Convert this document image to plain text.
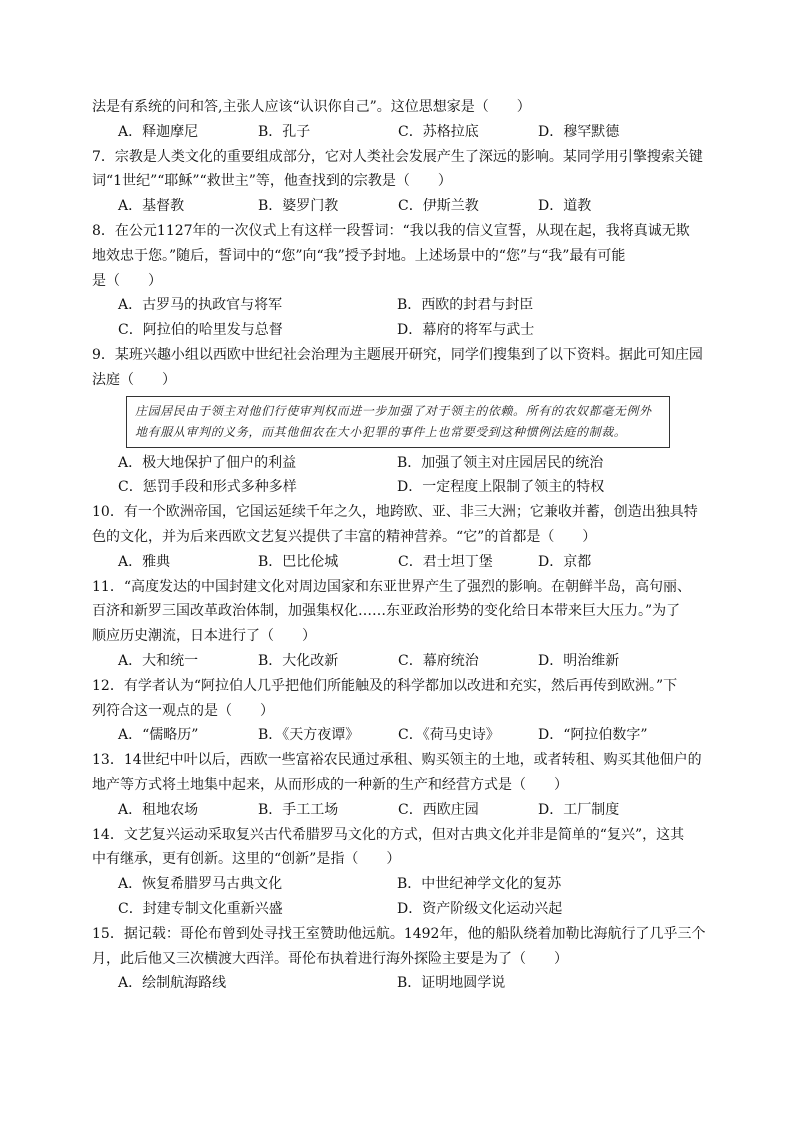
法是有系统的问和答,主张人应该“认识你自己”。这位思想家是（　　）
A．释迦摩尼	B．孔子	C．苏格拉底	D．穆罕默德
7．宗教是人类文化的重要组成部分，它对人类社会发展产生了深远的影响。某同学用引擎搜索关键
词“1世纪”“耶稣”“救世主”等，他查找到的宗教是（　　）
A．基督教	B．婆罗门教	C．伊斯兰教	D．道教
8．在公元1127年的一次仪式上有这样一段誓词：“我以我的信义宣誓，从现在起，我将真诚无欺
地效忠于您。”随后，誓词中的“您”向“我”授予封地。上述场景中的“您”与“我”最有可能
是（　　）
A．古罗马的执政官与将军	B．西欧的封君与封臣
C．阿拉伯的哈里发与总督	D．幕府的将军与武士
9．某班兴趣小组以西欧中世纪社会治理为主题展开研究，同学们搜集到了以下资料。据此可知庄园
法庭（　　）

庄园居民由于领主对他们行使审判权而进一步加强了对于领主的依赖。所有的农奴都毫无例外地有服从审判的义务，而其他佃农在大小犯罪的事件上也常要受到这种惯例法庭的制裁。

A．极大地保护了佃户的利益	B．加强了领主对庄园居民的统治
C．惩罚手段和形式多种多样	D．一定程度上限制了领主的特权
10．有一个欧洲帝国，它国运延续千年之久，地跨欧、亚、非三大洲；它兼收并蓄，创造出独具特
色的文化，并为后来西欧文艺复兴提供了丰富的精神营养。“它”的首都是（　　）
A．雅典	B．巴比伦城	C．君士坦丁堡	D．京都
11．“高度发达的中国封建文化对周边国家和东亚世界产生了强烈的影响。在朝鲜半岛，高句丽、
百济和新罗三国改革政治体制，加强集权化……东亚政治形势的变化给日本带来巨大压力。”为了
顺应历史潮流，日本进行了（　　）
A．大和统一	B．大化改新	C．幕府统治	D．明治维新
12．有学者认为“阿拉伯人几乎把他们所能触及的科学都加以改进和充实，然后再传到欧洲。”下
列符合这一观点的是（　　）
A．“儒略历”	B．《天方夜谭》	C．《荷马史诗》	D．“阿拉伯数字”
13．14世纪中叶以后，西欧一些富裕农民通过承租、购买领主的土地，或者转租、购买其他佃户的
地产等方式将土地集中起来，从而形成的一种新的生产和经营方式是（　　）
A．租地农场	B．手工工场	C．西欧庄园	D．工厂制度
14．文艺复兴运动采取复兴古代希腊罗马文化的方式，但对古典文化并非是简单的“复兴”，这其
中有继承，更有创新。这里的“创新”是指（　　）
A．恢复希腊罗马古典文化	B．中世纪神学文化的复苏
C．封建专制文化重新兴盛	D．资产阶级文化运动兴起
15．据记载：哥伦布曾到处寻找王室赞助他远航。1492年，他的船队绕着加勒比海航行了几乎三个
月，此后他又三次横渡大西洋。哥伦布执着进行海外探险主要是为了（　　）
A．绘制航海路线	B．证明地圆学说
